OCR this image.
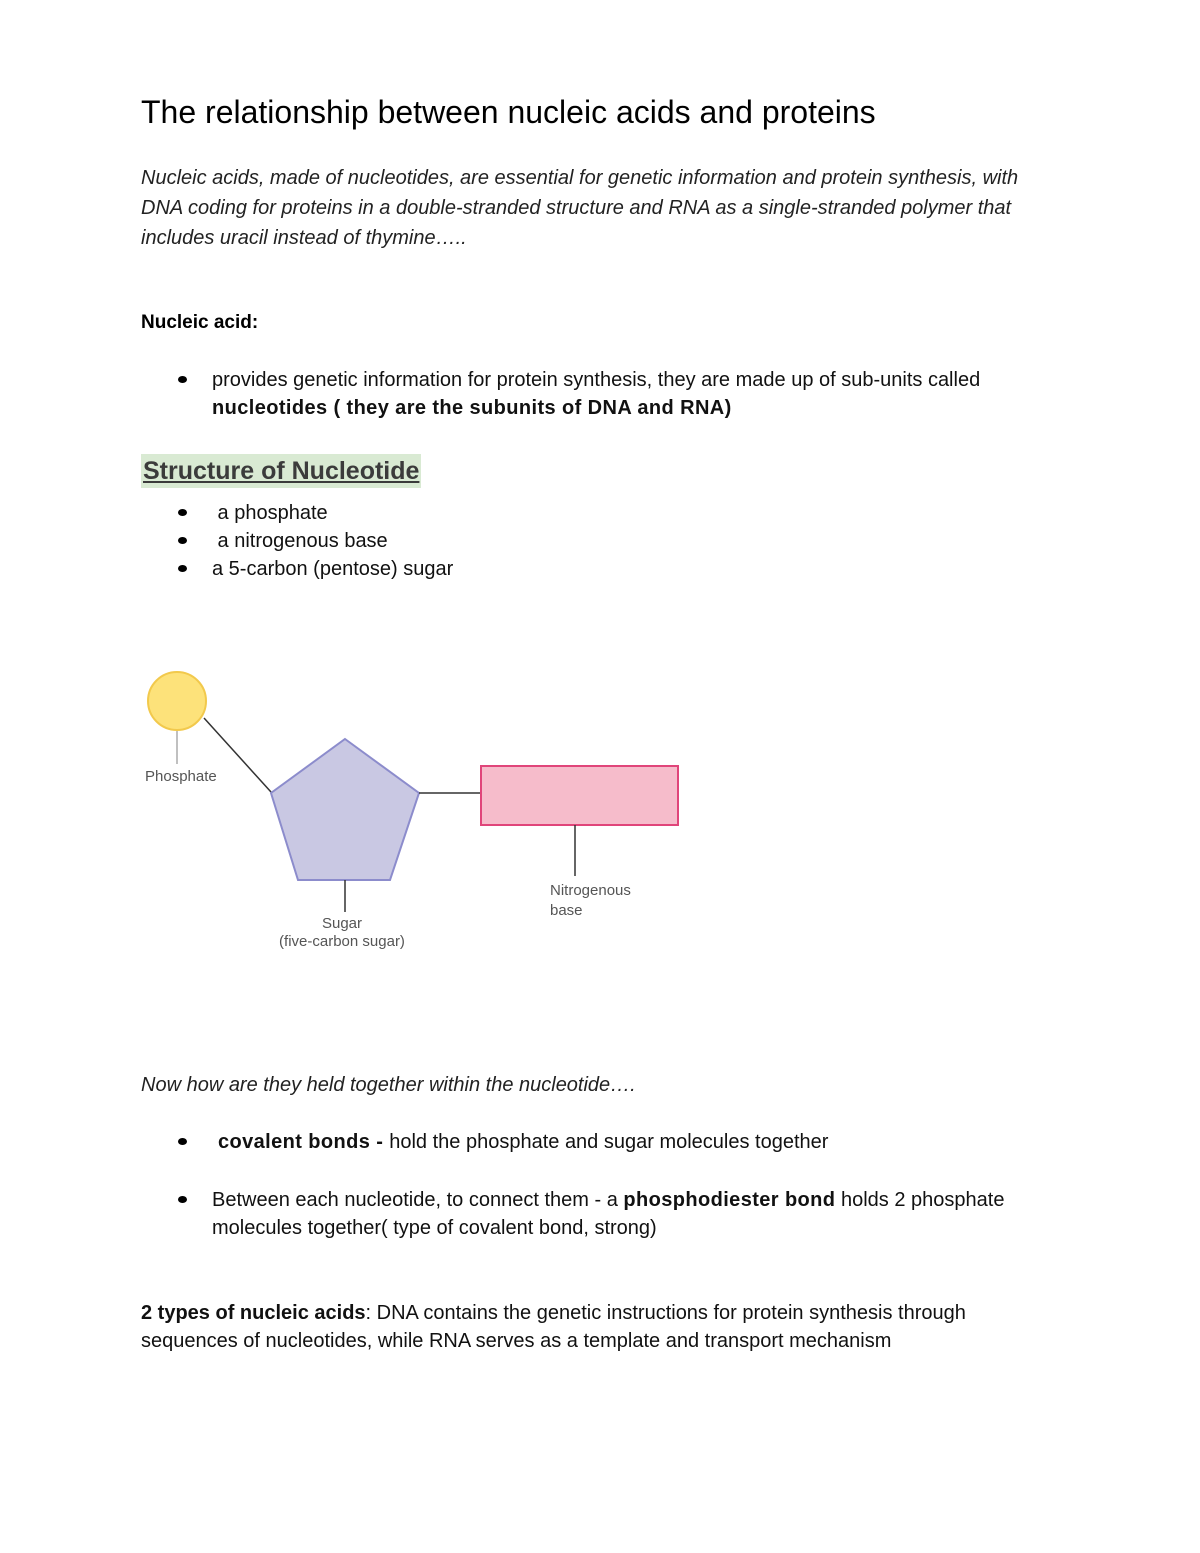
The relationship between nucleic acids and proteins
Nucleic acids, made of nucleotides, are essential for genetic information and protein synthesis, with DNA coding for proteins in a double-stranded structure and RNA as a single-stranded polymer that includes uracil instead of thymine…..
Nucleic acid:
provides genetic information for protein synthesis, they are made up of sub-units called nucleotides ( they are the subunits of DNA and RNA)
Structure of Nucleotide
a phosphate
a nitrogenous base
a 5-carbon (pentose) sugar
Phosphate
Sugar
(five-carbon sugar)
Nitrogenous
base
Now how are they held together within the nucleotide….
covalent bonds - hold the phosphate and sugar molecules together
Between each nucleotide, to connect them - a phosphodiester bond holds 2 phosphate molecules together( type of covalent bond, strong)
2 types of nucleic acids: DNA contains the genetic instructions for protein synthesis through sequences of nucleotides, while RNA serves as a template and transport mechanism
